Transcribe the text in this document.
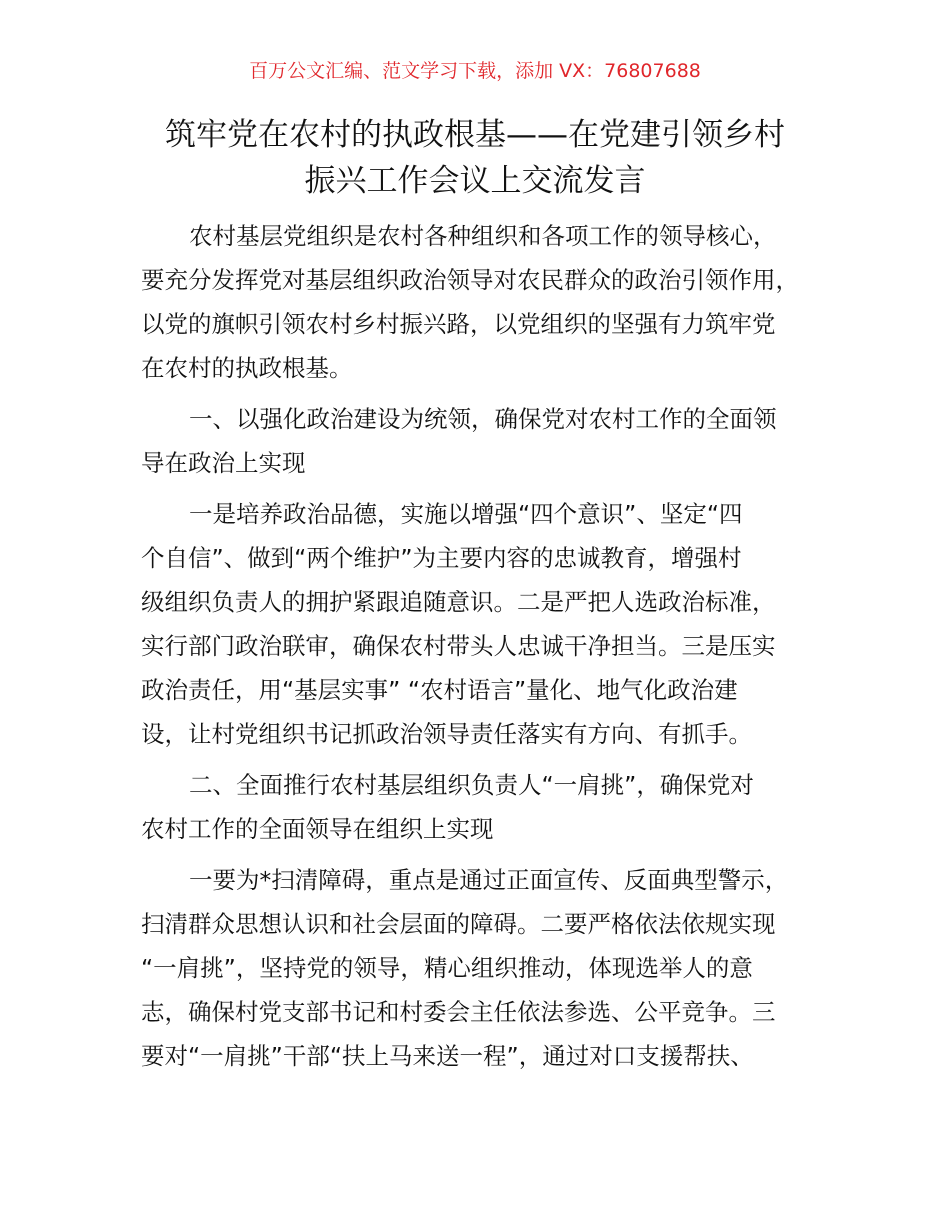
百万公文汇编、范文学习下载，添加 VX：76807688
筑牢党在农村的执政根基——在党建引领乡村
振兴工作会议上交流发言
农村基层党组织是农村各种组织和各项工作的领导核心，
要充分发挥党对基层组织政治领导对农民群众的政治引领作用，
以党的旗帜引领农村乡村振兴路，以党组织的坚强有力筑牢党
在农村的执政根基。
一、以强化政治建设为统领，确保党对农村工作的全面领
导在政治上实现
一是培养政治品德，实施以增强“四个意识”、坚定“四
个自信”、做到“两个维护”为主要内容的忠诚教育，增强村
级组织负责人的拥护紧跟追随意识。二是严把人选政治标准，
实行部门政治联审，确保农村带头人忠诚干净担当。三是压实
政治责任，用“基层实事” “农村语言”量化、地气化政治建
设，让村党组织书记抓政治领导责任落实有方向、有抓手。
二、全面推行农村基层组织负责人“一肩挑”，确保党对
农村工作的全面领导在组织上实现
一要为*扫清障碍，重点是通过正面宣传、反面典型警示，
扫清群众思想认识和社会层面的障碍。二要严格依法依规实现
“一肩挑”，坚持党的领导，精心组织推动，体现选举人的意
志，确保村党支部书记和村委会主任依法参选、公平竞争。三
要对“一肩挑”干部“扶上马来送一程”，通过对口支援帮扶、
